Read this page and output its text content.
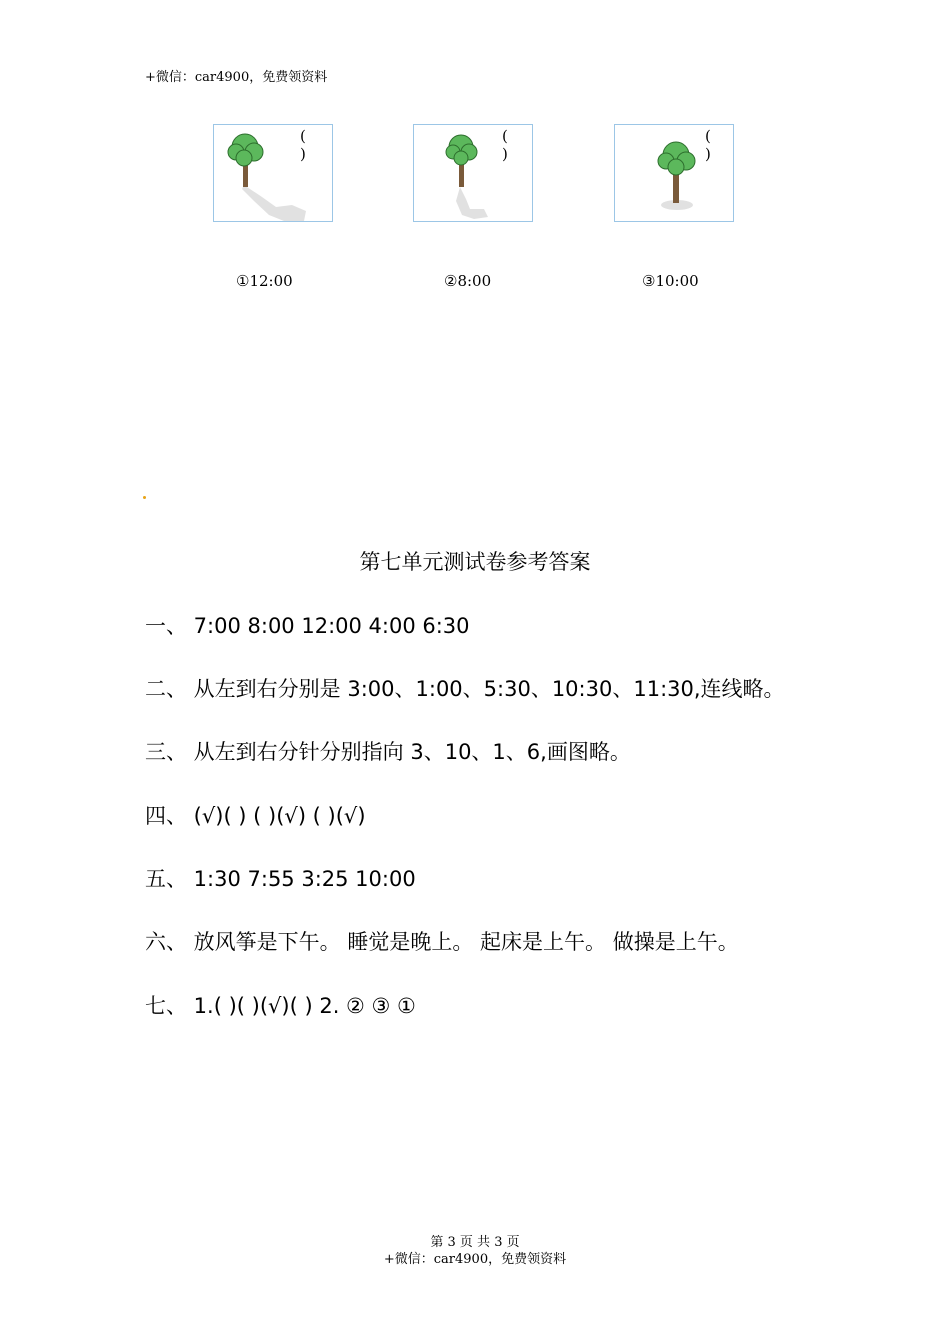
+微信：car4900，免费领资料
( )
①12:00
( )
②8:00
( )
③10:00
第七单元测试卷参考答案
一、 7:00 8:00 12:00 4:00 6:30
二、 从左到右分别是 3:00、1:00、5:30、10:30、11:30,连线略。
三、 从左到右分针分别指向 3、10、1、6,画图略。
四、 (√)( ) ( )(√) ( )(√)
五、 1:30 7:55 3:25 10:00
六、 放风筝是下午。 睡觉是晚上。 起床是上午。 做操是上午。
七、 1.( )( )(√)( ) 2. ② ③ ①
第 3 页 共 3 页
+微信：car4900，免费领资料
